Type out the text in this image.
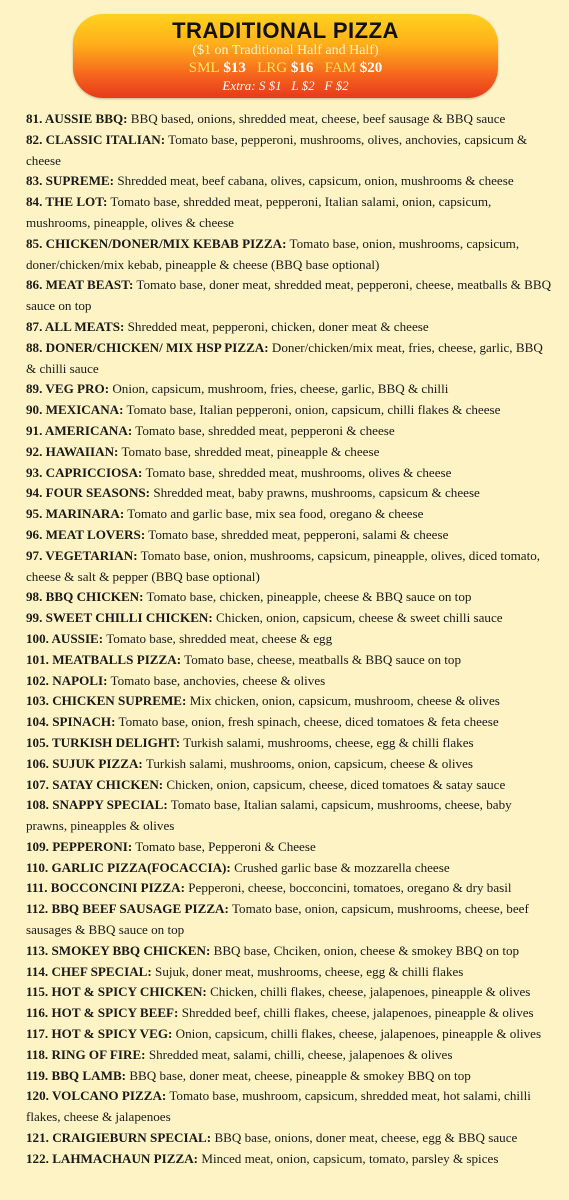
TRADITIONAL PIZZA
($1 on Traditional Half and Half)
SML $13 LRG $16 FAM $20
Extra: S $1   L $2   F $2

81. AUSSIE BBQ: BBQ based, onions, shredded meat, cheese, beef sausage & BBQ sauce

82. CLASSIC ITALIAN: Tomato base, pepperoni, mushrooms, olives, anchovies, capsicum & cheese

83. SUPREME: Shredded meat, beef cabana, olives, capsicum, onion, mushrooms & cheese

84. THE LOT: Tomato base, shredded meat, pepperoni, Italian salami, onion, capsicum, mushrooms, pineapple, olives & cheese

85. CHICKEN/DONER/MIX KEBAB PIZZA: Tomato base, onion, mushrooms, capsicum, doner/chicken/mix kebab, pineapple & cheese (BBQ base optional)

86. MEAT BEAST: Tomato base, doner meat, shredded meat, pepperoni, cheese, meatballs & BBQ sauce on top

87. ALL MEATS: Shredded meat, pepperoni, chicken, doner meat & cheese

88. DONER/CHICKEN/ MIX HSP PIZZA: Doner/chicken/mix meat, fries, cheese, garlic, BBQ & chilli sauce

89. VEG PRO: Onion, capsicum, mushroom, fries, cheese, garlic, BBQ & chilli

90. MEXICANA: Tomato base, Italian pepperoni, onion, capsicum, chilli flakes & cheese

91. AMERICANA: Tomato base, shredded meat, pepperoni & cheese

92. HAWAIIAN: Tomato base, shredded meat, pineapple & cheese

93. CAPRICCIOSA: Tomato base, shredded meat, mushrooms, olives & cheese

94. FOUR SEASONS: Shredded meat, baby prawns, mushrooms, capsicum & cheese

95. MARINARA: Tomato and garlic base, mix sea food, oregano & cheese

96. MEAT LOVERS: Tomato base, shredded meat, pepperoni, salami & cheese

97. VEGETARIAN: Tomato base, onion, mushrooms, capsicum, pineapple, olives, diced tomato, cheese & salt & pepper (BBQ base optional)

98. BBQ CHICKEN: Tomato base, chicken, pineapple, cheese & BBQ sauce on top

99. SWEET CHILLI CHICKEN: Chicken, onion, capsicum, cheese & sweet chilli sauce

100. AUSSIE: Tomato base, shredded meat, cheese & egg

101. MEATBALLS PIZZA: Tomato base, cheese, meatballs & BBQ sauce on top

102. NAPOLI: Tomato base, anchovies, cheese & olives

103. CHICKEN SUPREME: Mix chicken, onion, capsicum, mushroom, cheese & olives

104. SPINACH: Tomato base, onion, fresh spinach, cheese, diced tomatoes & feta cheese

105. TURKISH DELIGHT: Turkish salami, mushrooms, cheese, egg & chilli flakes

106. SUJUK PIZZA: Turkish salami, mushrooms, onion, capsicum, cheese & olives

107. SATAY CHICKEN: Chicken, onion, capsicum, cheese, diced tomatoes & satay sauce

108. SNAPPY SPECIAL: Tomato base, Italian salami, capsicum, mushrooms, cheese, baby prawns, pineapples & olives

109. PEPPERONI: Tomato base, Pepperoni & Cheese

110. GARLIC PIZZA(FOCACCIA): Crushed garlic base & mozzarella cheese

111. BOCCONCINI PIZZA: Pepperoni, cheese, bocconcini, tomatoes, oregano & dry basil

112. BBQ BEEF SAUSAGE PIZZA: Tomato base, onion, capsicum, mushrooms, cheese, beef sausages & BBQ sauce on top

113. SMOKEY BBQ CHICKEN: BBQ base, Chciken, onion, cheese & smokey BBQ on top

114. CHEF SPECIAL: Sujuk, doner meat, mushrooms, cheese, egg & chilli flakes

115. HOT & SPICY CHICKEN: Chicken, chilli flakes, cheese, jalapenoes, pineapple & olives

116. HOT & SPICY BEEF: Shredded beef, chilli flakes, cheese, jalapenoes, pineapple & olives

117. HOT & SPICY VEG: Onion, capsicum, chilli flakes, cheese, jalapenoes, pineapple & olives

118. RING OF FIRE: Shredded meat, salami, chilli, cheese, jalapenoes & olives

119. BBQ LAMB: BBQ base, doner meat, cheese, pineapple & smokey BBQ on top

120. VOLCANO PIZZA: Tomato base, mushroom, capsicum, shredded meat, hot salami, chilli flakes, cheese & jalapenoes

121. CRAIGIEBURN SPECIAL: BBQ base, onions, doner meat, cheese, egg & BBQ sauce

122. LAHMACHAUN PIZZA: Minced meat, onion, capsicum, tomato, parsley & spices
